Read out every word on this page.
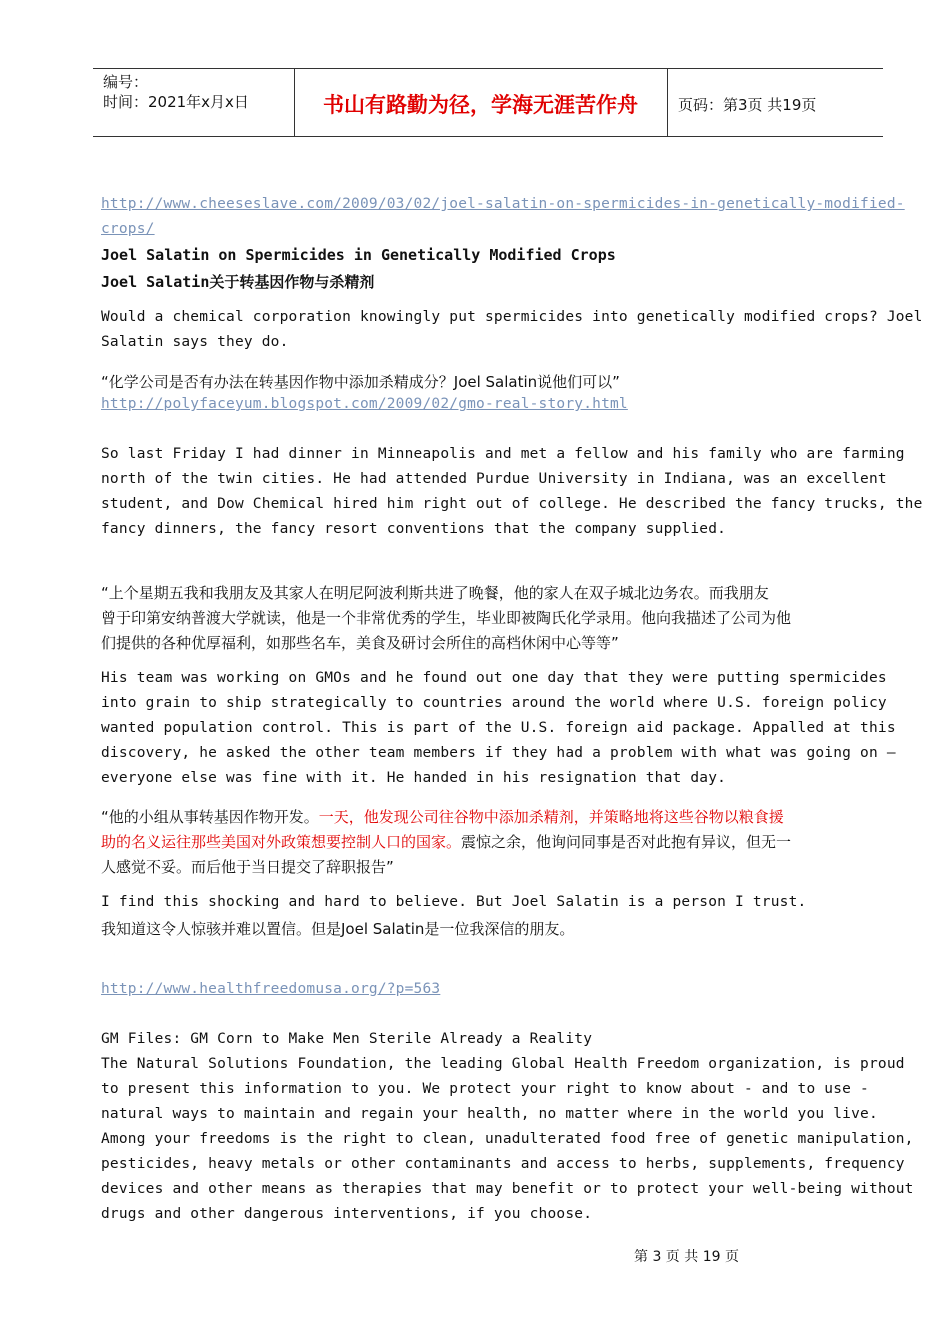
编号：
时间：2021年x月x日	书山有路勤为径，学海无涯苦作舟	页码：第3页 共19页
http://www.cheeseslave.com/2009/03/02/joel-salatin-on-spermicides-in-genetically-modified-
crops/
Joel Salatin on Spermicides in Genetically Modified Crops
Joel Salatin关于转基因作物与杀精剂
Would a chemical corporation knowingly put spermicides into genetically modified crops? Joel
Salatin says they do.
“化学公司是否有办法在转基因作物中添加杀精成分？Joel Salatin说他们可以”
http://polyfaceyum.blogspot.com/2009/02/gmo-real-story.html
So last Friday I had dinner in Minneapolis and met a fellow and his family who are farming
north of the twin cities. He had attended Purdue University in Indiana, was an excellent
student, and Dow Chemical hired him right out of college. He described the fancy trucks, the
fancy dinners, the fancy resort conventions that the company supplied.
“上个星期五我和我朋友及其家人在明尼阿波利斯共进了晚餐，他的家人在双子城北边务农。而我朋友
曾于印第安纳普渡大学就读，他是一个非常优秀的学生，毕业即被陶氏化学录用。他向我描述了公司为他
们提供的各种优厚福利，如那些名车，美食及研讨会所住的高档休闲中心等等”
His team was working on GMOs and he found out one day that they were putting spermicides
into grain to ship strategically to countries around the world where U.S. foreign policy
wanted population control. This is part of the U.S. foreign aid package. Appalled at this
discovery, he asked the other team members if they had a problem with what was going on —
everyone else was fine with it. He handed in his resignation that day.
“他的小组从事转基因作物开发。一天，他发现公司往谷物中添加杀精剂，并策略地将这些谷物以粮食援
助的名义运往那些美国对外政策想要控制人口的国家。震惊之余，他询问同事是否对此抱有异议，但无一
人感觉不妥。而后他于当日提交了辞职报告”
I find this shocking and hard to believe. But Joel Salatin is a person I trust.
我知道这令人惊骇并难以置信。但是Joel Salatin是一位我深信的朋友。
http://www.healthfreedomusa.org/?p=563
GM Files: GM Corn to Make Men Sterile Already a Reality
The Natural Solutions Foundation, the leading Global Health Freedom organization, is proud
to present this information to you. We protect your right to know about - and to use -
natural ways to maintain and regain your health, no matter where in the world you live.
Among your freedoms is the right to clean, unadulterated food free of genetic manipulation,
pesticides, heavy metals or other contaminants and access to herbs, supplements, frequency
devices and other means as therapies that may benefit or to protect your well-being without
drugs and other dangerous interventions, if you choose.
第 3 页 共 19 页
